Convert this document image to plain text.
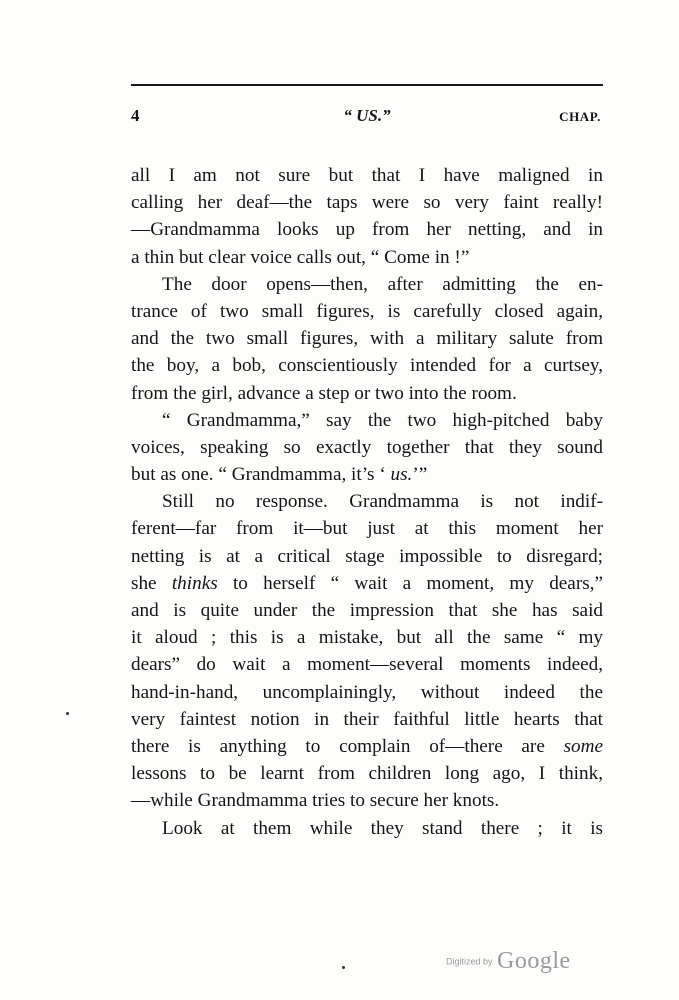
4	“ US.”	CHAP.
all I am not sure but that I have maligned in
calling her deaf—the taps were so very faint really!
—Grandmamma looks up from her netting, and in
a thin but clear voice calls out, “ Come in !”
The door opens—then, after admitting the en-
trance of two small figures, is carefully closed again,
and the two small figures, with a military salute from
the boy, a bob, conscientiously intended for a curtsey,
from the girl, advance a step or two into the room.
“ Grandmamma,” say the two high-pitched baby
voices, speaking so exactly together that they sound
but as one. “ Grandmamma, it’s ‘ us.’”
Still no response. Grandmamma is not indif-
ferent—far from it—but just at this moment her
netting is at a critical stage impossible to disregard;
she thinks to herself “ wait a moment, my dears,”
and is quite under the impression that she has said
it aloud ; this is a mistake, but all the same “ my
dears” do wait a moment—several moments indeed,
hand-in-hand, uncomplainingly, without indeed the
very faintest notion in their faithful little hearts that
there is anything to complain of—there are some
lessons to be learnt from children long ago, I think,
—while Grandmamma tries to secure her knots.
Look at them while they stand there ; it is
Digitized by Google
